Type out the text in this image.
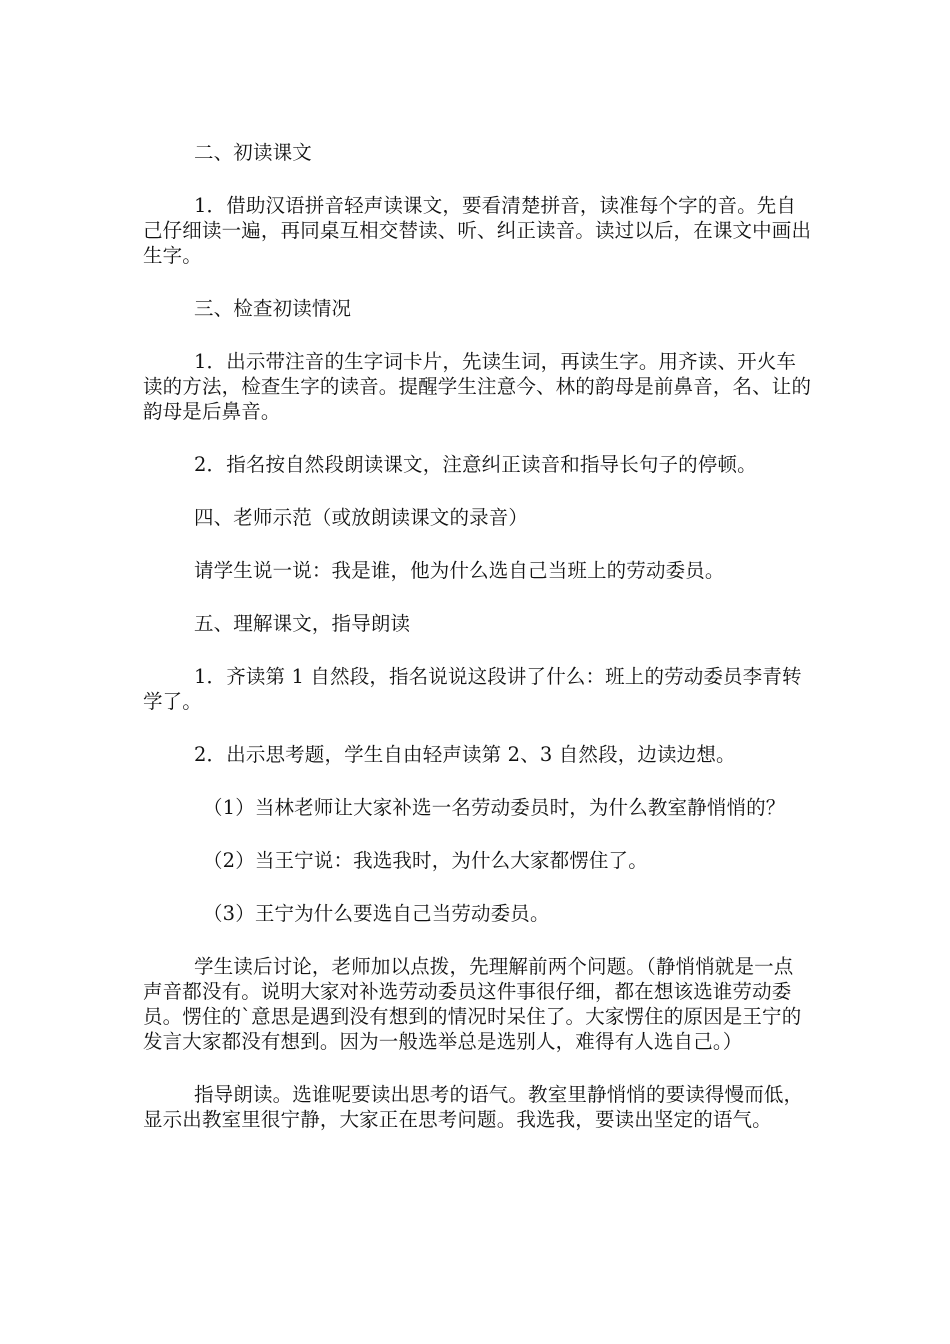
二、初读课文

1．借助汉语拼音轻声读课文，要看清楚拼音，读准每个字的音。先自己仔细读一遍，再同桌互相交替读、听、纠正读音。读过以后，在课文中画出生字。

三、检查初读情况

1．出示带注音的生字词卡片，先读生词，再读生字。用齐读、开火车读的方法，检查生字的读音。提醒学生注意今、林的韵母是前鼻音，名、让的韵母是后鼻音。

2．指名按自然段朗读课文，注意纠正读音和指导长句子的停顿。

四、老师示范（或放朗读课文的录音）

请学生说一说：我是谁，他为什么选自己当班上的劳动委员。

五、理解课文，指导朗读

1．齐读第 1 自然段，指名说说这段讲了什么：班上的劳动委员李青转学了。

2．出示思考题，学生自由轻声读第 2、3 自然段，边读边想。

（1）当林老师让大家补选一名劳动委员时，为什么教室静悄悄的？

（2）当王宁说：我选我时，为什么大家都愣住了。

（3）王宁为什么要选自己当劳动委员。

学生读后讨论，老师加以点拨，先理解前两个问题。（静悄悄就是一点声音都没有。说明大家对补选劳动委员这件事很仔细，都在想该选谁劳动委员。愣住的`意思是遇到没有想到的情况时呆住了。大家愣住的原因是王宁的发言大家都没有想到。因为一般选举总是选别人，难得有人选自己。）

指导朗读。选谁呢要读出思考的语气。教室里静悄悄的要读得慢而低，显示出教室里很宁静，大家正在思考问题。我选我，要读出坚定的语气。
